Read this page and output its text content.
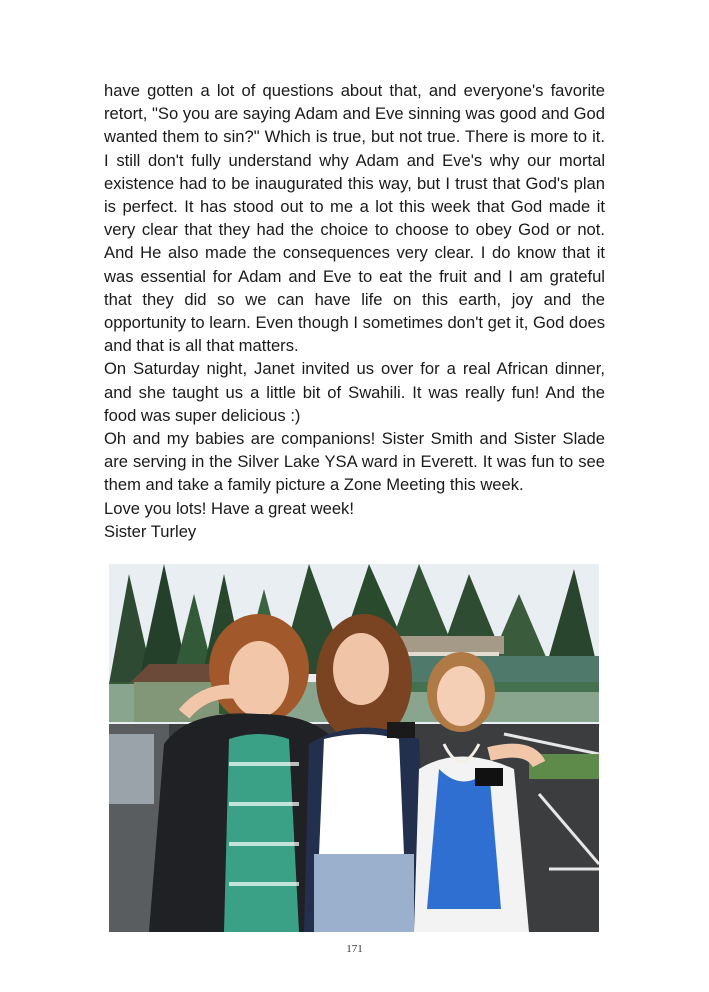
have gotten a lot of questions about that, and everyone's favorite retort, "So you are saying Adam and Eve sinning was good and God wanted them to sin?" Which is true, but not true. There is more to it. I still don't fully understand why Adam and Eve's why our mortal existence had to be inaugurated this way, but I trust that God's plan is perfect. It has stood out to me a lot this week that God made it very clear that they had the choice to choose to obey God or not. And He also made the consequences very clear. I do know that it was essential for Adam and Eve to eat the fruit and I am grateful that they did so we can have life on this earth, joy and the opportunity to learn. Even though I sometimes don't get it, God does and that is all that matters.

On Saturday night, Janet invited us over for a real African dinner, and she taught us a little bit of Swahili. It was really fun! And the food was super delicious :)

Oh and my babies are companions! Sister Smith and Sister Slade are serving in the Silver Lake YSA ward in Everett. It was fun to see them and take a family picture a Zone Meeting this week.

Love you lots! Have a great week!

Sister Turley

171
